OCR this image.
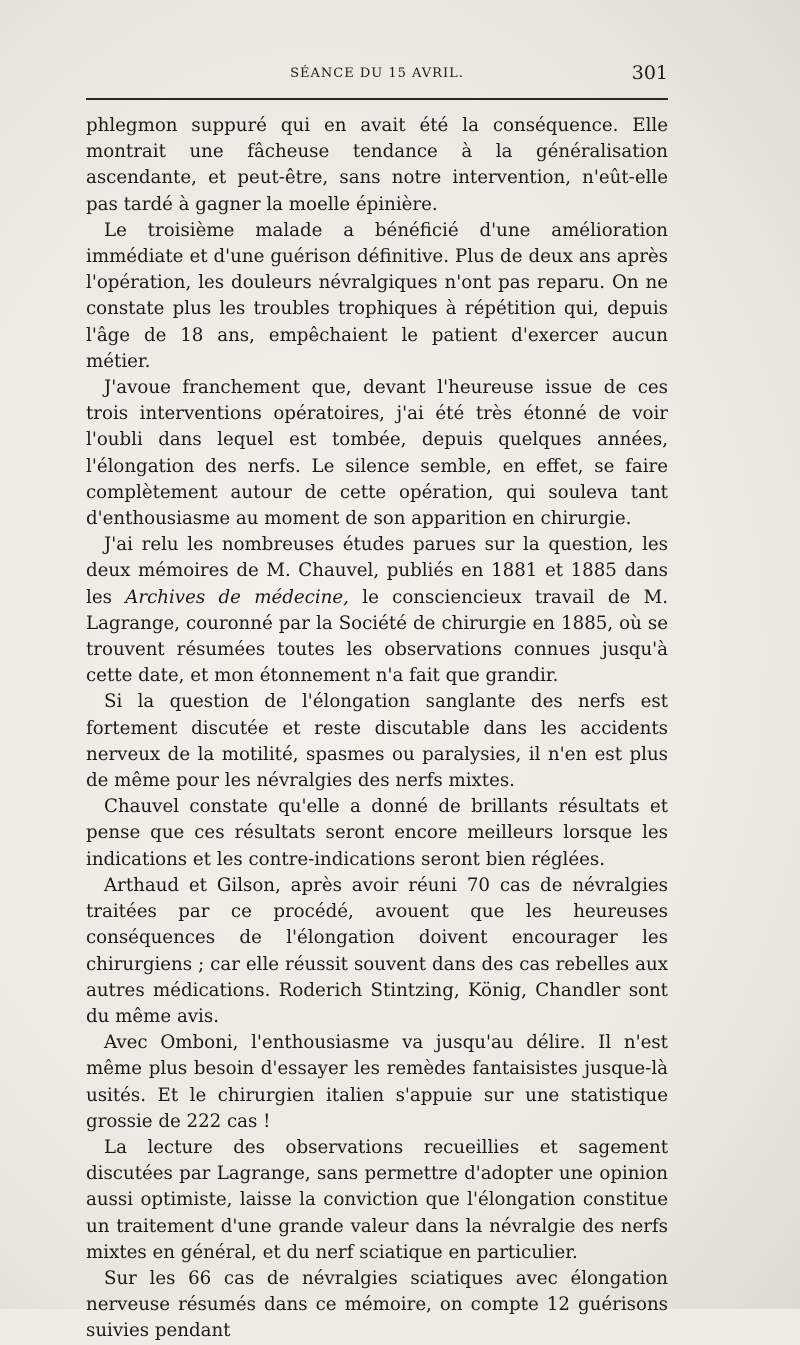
SÉANCE DU 15 AVRIL.	301

phlegmon suppuré qui en avait été la conséquence. Elle montrait une fâcheuse tendance à la généralisation ascendante, et peut-être, sans notre intervention, n'eût-elle pas tardé à gagner la moelle épinière.

Le troisième malade a bénéficié d'une amélioration immédiate et d'une guérison définitive. Plus de deux ans après l'opération, les douleurs névralgiques n'ont pas reparu. On ne constate plus les troubles trophiques à répétition qui, depuis l'âge de 18 ans, empêchaient le patient d'exercer aucun métier.

J'avoue franchement que, devant l'heureuse issue de ces trois interventions opératoires, j'ai été très étonné de voir l'oubli dans lequel est tombée, depuis quelques années, l'élongation des nerfs. Le silence semble, en effet, se faire complètement autour de cette opération, qui souleva tant d'enthousiasme au moment de son apparition en chirurgie.

J'ai relu les nombreuses études parues sur la question, les deux mémoires de M. Chauvel, publiés en 1881 et 1885 dans les Archives de médecine, le consciencieux travail de M. Lagrange, couronné par la Société de chirurgie en 1885, où se trouvent résumées toutes les observations connues jusqu'à cette date, et mon étonnement n'a fait que grandir.

Si la question de l'élongation sanglante des nerfs est fortement discutée et reste discutable dans les accidents nerveux de la motilité, spasmes ou paralysies, il n'en est plus de même pour les névralgies des nerfs mixtes.

Chauvel constate qu'elle a donné de brillants résultats et pense que ces résultats seront encore meilleurs lorsque les indications et les contre-indications seront bien réglées.

Arthaud et Gilson, après avoir réuni 70 cas de névralgies traitées par ce procédé, avouent que les heureuses conséquences de l'élongation doivent encourager les chirurgiens ; car elle réussit souvent dans des cas rebelles aux autres médications. Roderich Stintzing, König, Chandler sont du même avis.

Avec Omboni, l'enthousiasme va jusqu'au délire. Il n'est même plus besoin d'essayer les remèdes fantaisistes jusque-là usités. Et le chirurgien italien s'appuie sur une statistique grossie de 222 cas !

La lecture des observations recueillies et sagement discutées par Lagrange, sans permettre d'adopter une opinion aussi optimiste, laisse la conviction que l'élongation constitue un traitement d'une grande valeur dans la névralgie des nerfs mixtes en général, et du nerf sciatique en particulier.

Sur les 66 cas de névralgies sciatiques avec élongation nerveuse résumés dans ce mémoire, on compte 12 guérisons suivies pendant
